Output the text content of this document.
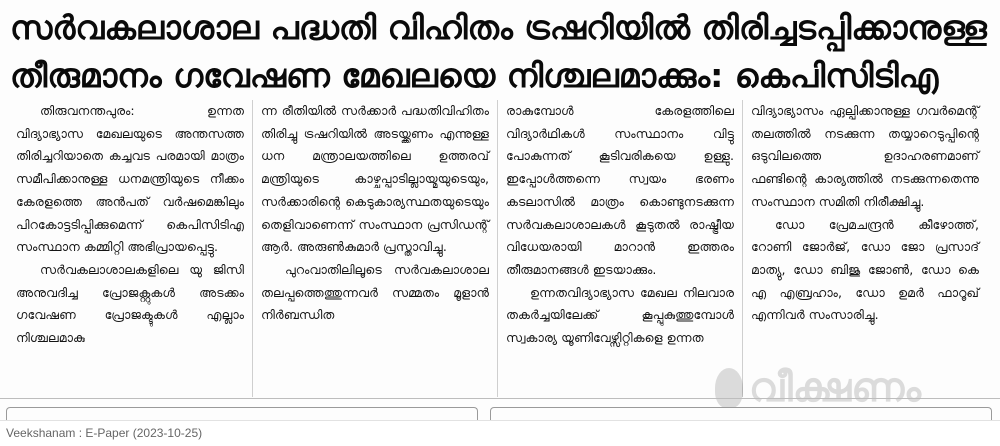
സർവകലാശാല പദ്ധതി വിഹിതം ട്രഷറിയിൽ തിരിച്ചടപ്പിക്കാനുള്ള
തീരുമാനം ഗവേഷണ മേഖലയെ നിശ്ചലമാക്കും: കെപിസിടിഎ

തിരുവനന്തപുരം: ഉന്നത വിദ്യാഭ്യാസ മേഖലയുടെ അന്തസത്ത തിരിച്ചറിയാതെ കച്ചവട പരമായി മാത്രം സമീപിക്കാനുള്ള ധനമന്ത്രിയുടെ നീക്കം കേരളത്തെ അൻപത് വർഷമെങ്കിലും പിറകോട്ടടിപ്പിക്കുമെന്ന് കെപിസിടിഎ സംസ്ഥാന കമ്മിറ്റി അഭിപ്രായപ്പെട്ടു.

സർവകലാശാലകളിലെ യു ജിസി അനുവദിച്ച പ്രോജക്റ്റുകൾ അടക്കം ഗവേഷണ പ്രോജക്ടുകൾ എല്ലാം നിശ്ചലമാകു

ന്ന രീതിയിൽ സർക്കാർ പദ്ധതിവിഹിതം തിരിച്ചു ട്രഷറിയിൽ അടയ്ക്കണം എന്നുള്ള ധന മന്ത്രാലയത്തിലെ ഉത്തരവ് മന്ത്രിയുടെ കാഴ്ചപ്പാടില്ലായ്മയുടെയും, സർക്കാരിന്റെ കെടുകാര്യസ്ഥതയുടെയും തെളിവാണെന്ന് സംസ്ഥാന പ്രസിഡന്റ് ആർ. അരുൺകുമാർ പ്രസ്താവിച്ചു.

പുറംവാതിലിലൂടെ സർവകലാശാല തലപ്പത്തെത്തുന്നവർ സമ്മതം മൂളാൻ നിർബന്ധിത

രാകുമ്പോൾ കേരളത്തിലെ വിദ്യാർഥികൾ സംസ്ഥാനം വിട്ടു പോകുന്നത് കൂടിവരികയെ ഉള്ളു. ഇപ്പോൾത്തന്നെ സ്വയം ഭരണം കടലാസിൽ മാത്രം കൊണ്ടുനടക്കുന്ന സർവകലാശാലകൾ കൂടുതൽ രാഷ്ട്രീയ വിധേയരായി മാറാൻ ഇത്തരം തീരുമാനങ്ങൾ ഇടയാക്കും.

ഉന്നതവിദ്യാഭ്യാസ മേഖല നിലവാര തകർച്ചയിലേക്ക് കൂപ്പുകുത്തുമ്പോൾ സ്വകാര്യ യൂണിവേഴ്സിറ്റികളെ ഉന്നത

വിദ്യാഭ്യാസം ഏല്പിക്കാനുള്ള ഗവർമെന്റ് തലത്തിൽ നടക്കുന്ന തയ്യാറെടുപ്പിന്റെ ഒടുവിലത്തെ ഉദാഹരണമാണ് ഫണ്ടിന്റെ കാര്യത്തിൽ നടക്കുന്നതെന്നു സംസ്ഥാന സമിതി നിരീക്ഷിച്ചു.

ഡോ പ്രേമചന്ദ്രൻ കീഴോത്ത്, റോണി ജോർജ്, ഡോ ജോ പ്രസാദ് മാത്യു, ഡോ ബിജു ജോൺ, ഡോ കെ എ എബ്രഹാം, ഡോ ഉമർ ഫാറൂഖ് എന്നിവർ സംസാരിച്ചു.

വീക്ഷണം
Veekshanam : E-Paper (2023-10-25)
